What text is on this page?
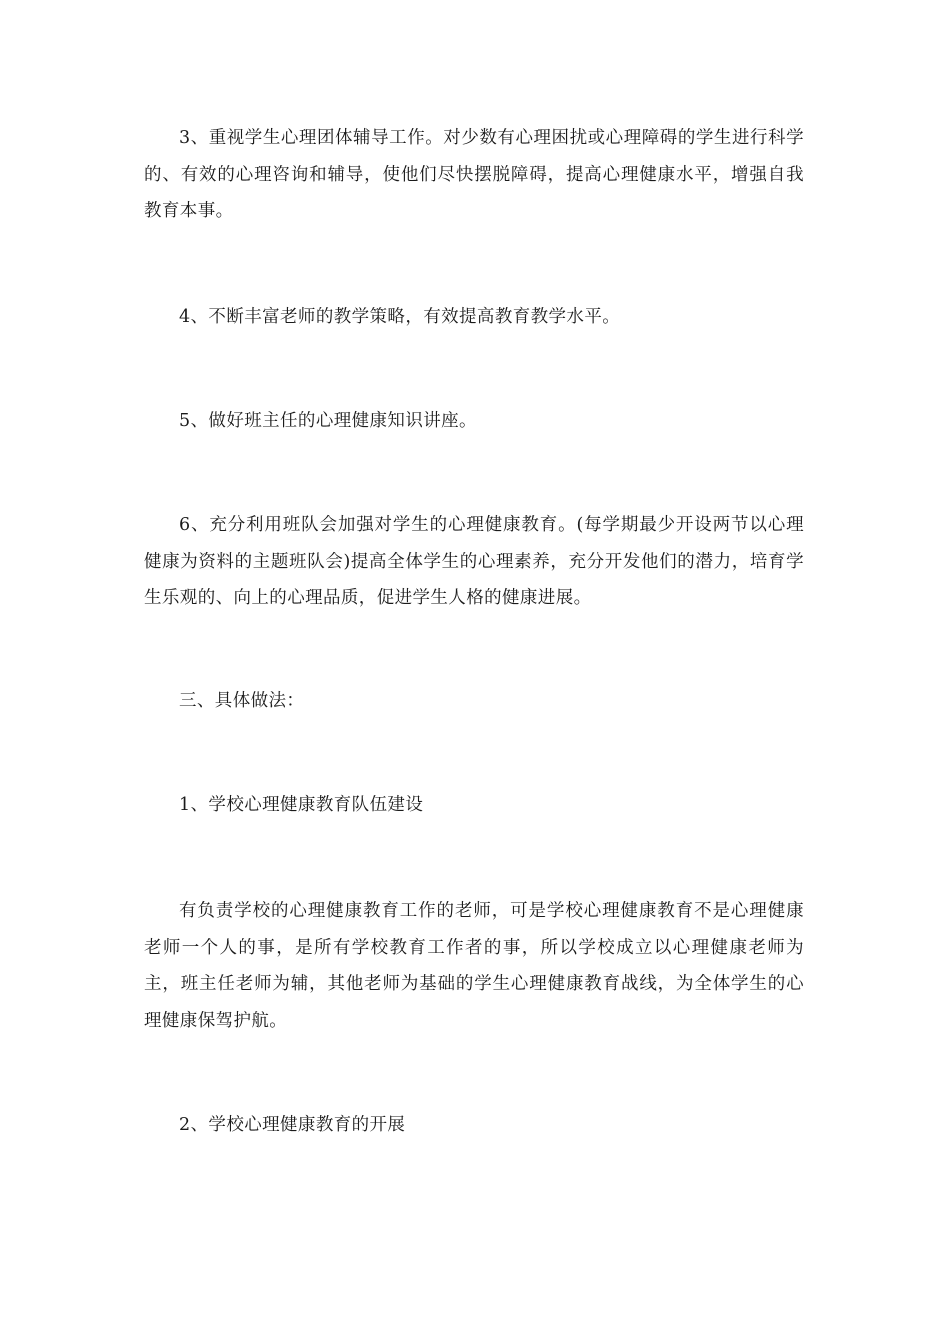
3、重视学生心理团体辅导工作。对少数有心理困扰或心理障碍的学生进行科学的、有效的心理咨询和辅导，使他们尽快摆脱障碍，提高心理健康水平，增强自我教育本事。

4、不断丰富老师的教学策略，有效提高教育教学水平。

5、做好班主任的心理健康知识讲座。

6、充分利用班队会加强对学生的心理健康教育。(每学期最少开设两节以心理健康为资料的主题班队会)提高全体学生的心理素养，充分开发他们的潜力，培育学生乐观的、向上的心理品质，促进学生人格的健康进展。

三、具体做法：

1、学校心理健康教育队伍建设

有负责学校的心理健康教育工作的老师，可是学校心理健康教育不是心理健康老师一个人的事，是所有学校教育工作者的事，所以学校成立以心理健康老师为主，班主任老师为辅，其他老师为基础的学生心理健康教育战线，为全体学生的心理健康保驾护航。

2、学校心理健康教育的开展
